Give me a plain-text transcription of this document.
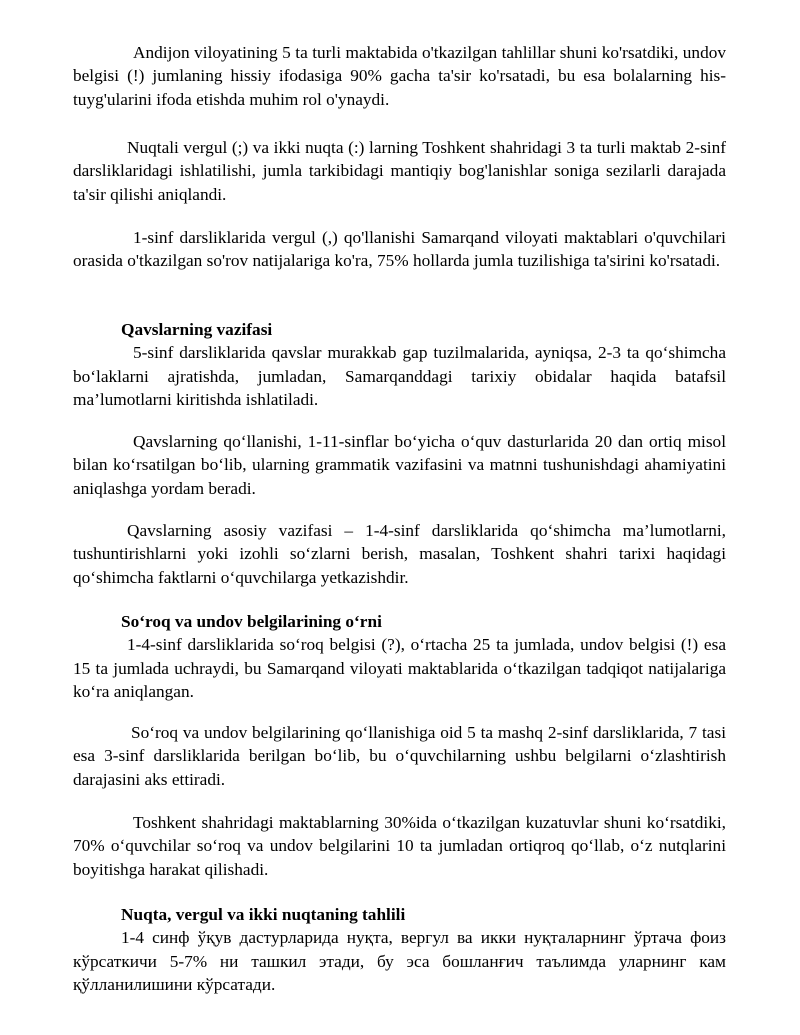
Andijon viloyatining 5 ta turli maktabida o'tkazilgan tahlillar shuni ko'rsatdiki, undov belgisi (!) jumlaning hissiy ifodasiga 90% gacha ta'sir ko'rsatadi, bu esa bolalarning his-tuyg'ularini ifoda etishda muhim rol o'ynaydi.

Nuqtali vergul (;) va ikki nuqta (:) larning Toshkent shahridagi 3 ta turli maktab 2-sinf darsliklaridagi ishlatilishi, jumla tarkibidagi mantiqiy bog'lanishlar soniga sezilarli darajada ta'sir qilishi aniqlandi.

1-sinf darsliklarida vergul (,) qo'llanishi Samarqand viloyati maktablari o'quvchilari orasida o'tkazilgan so'rov natijalariga ko'ra, 75% hollarda jumla tuzilishiga ta'sirini ko'rsatadi.

Qavslarning vazifasi

5-sinf darsliklarida qavslar murakkab gap tuzilmalarida, ayniqsa, 2-3 ta qo‘shimcha bo‘laklarni ajratishda, jumladan, Samarqanddagi tarixiy obidalar haqida batafsil ma’lumotlarni kiritishda ishlatiladi.

Qavslarning qo‘llanishi, 1-11-sinflar bo‘yicha o‘quv dasturlarida 20 dan ortiq misol bilan ko‘rsatilgan bo‘lib, ularning grammatik vazifasini va matnni tushunishdagi ahamiyatini aniqlashga yordam beradi.

Qavslarning asosiy vazifasi – 1-4-sinf darsliklarida qo‘shimcha ma’lumotlarni, tushuntirishlarni yoki izohli so‘zlarni berish, masalan, Toshkent shahri tarixi haqidagi qo‘shimcha faktlarni o‘quvchilarga yetkazishdir.

So‘roq va undov belgilarining o‘rni

1-4-sinf darsliklarida so‘roq belgisi (?), o‘rtacha 25 ta jumlada, undov belgisi (!) esa 15 ta jumlada uchraydi, bu Samarqand viloyati maktablarida o‘tkazilgan tadqiqot natijalariga ko‘ra aniqlangan.

So‘roq va undov belgilarining qo‘llanishiga oid 5 ta mashq 2-sinf darsliklarida, 7 tasi esa 3-sinf darsliklarida berilgan bo‘lib, bu o‘quvchilarning ushbu belgilarni o‘zlashtirish darajasini aks ettiradi.

Toshkent shahridagi maktablarning 30%ida o‘tkazilgan kuzatuvlar shuni ko‘rsatdiki, 70% o‘quvchilar so‘roq va undov belgilarini 10 ta jumladan ortiqroq qo‘llab, o‘z nutqlarini boyitishga harakat qilishadi.

Nuqta, vergul va ikki nuqtaning tahlili

1-4 синф ўқув дастурларида нуқта, вергул ва икки нуқталарнинг ўртача фоиз кўрсаткичи 5-7% ни ташкил этади, бу эса бошланғич таълимда уларнинг кам қўлланилишини кўрсатади.
